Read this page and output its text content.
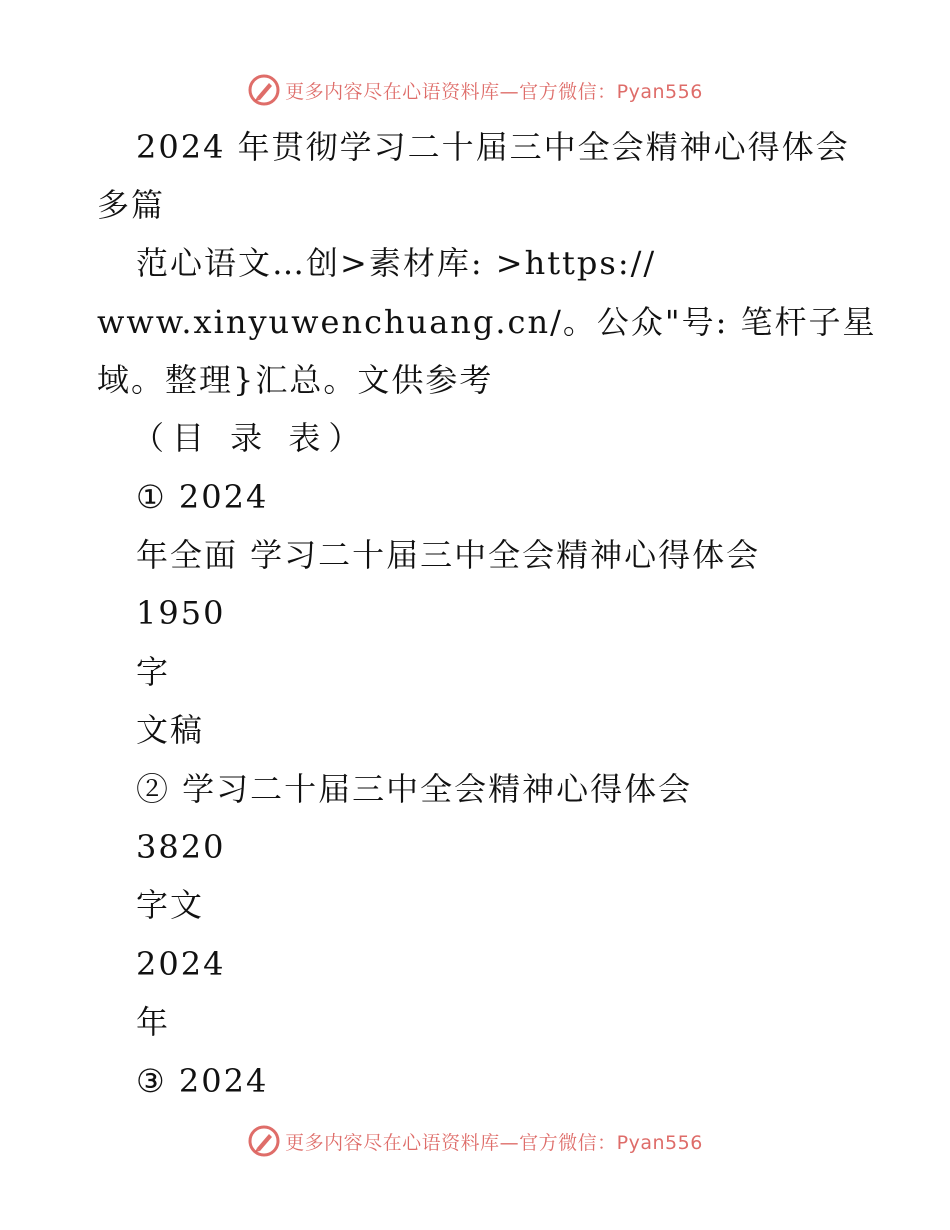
更多内容尽在心语资料库—官方微信：Pyan556
2024 年贯彻学习二十届三中全会精神心得体会
多篇
范心语文…创>素材库: >https://
www.xinyuwenchuang.cn/。公众"号: 笔杆子星
域。整理}汇总。文供参考
（目 录 表）
① 2024
年全面 学习二十届三中全会精神心得体会
1950
字
文稿
② 学习二十届三中全会精神心得体会
3820
字文
2024
年
③ 2024
更多内容尽在心语资料库—官方微信：Pyan556
